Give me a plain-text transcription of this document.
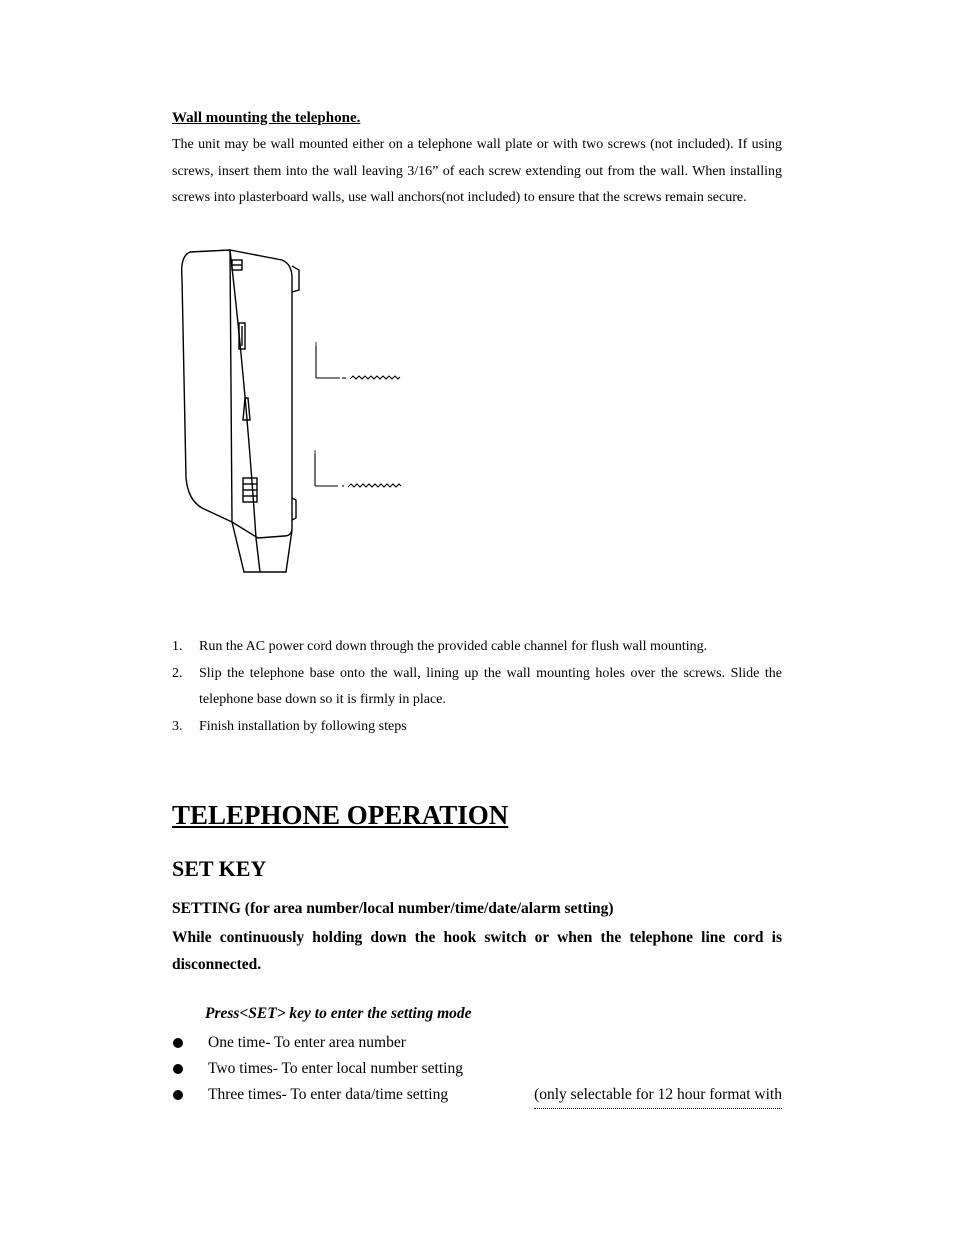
Wall mounting the telephone.

The unit may be wall mounted either on a telephone wall plate or with two screws (not included). If using screws, insert them into the wall leaving 3/16” of each screw extending out from the wall. When installing screws into plasterboard walls, use wall anchors(not included) to ensure that the screws remain secure.

1. Run the AC power cord down through the provided cable channel for flush wall mounting.
2. Slip the telephone base onto the wall, lining up the wall mounting holes over the screws. Slide the telephone base down so it is firmly in place.
3. Finish installation by following steps
TELEPHONE OPERATION
SET KEY
SETTING (for area number/local number/time/date/alarm setting)

While continuously holding down the hook switch or when the telephone line cord is disconnected.

Press<SET> key to enter the setting mode
One time- To enter area number
Two times- To enter local number setting
Three times- To enter data/time setting	(only selectable for 12 hour format with
